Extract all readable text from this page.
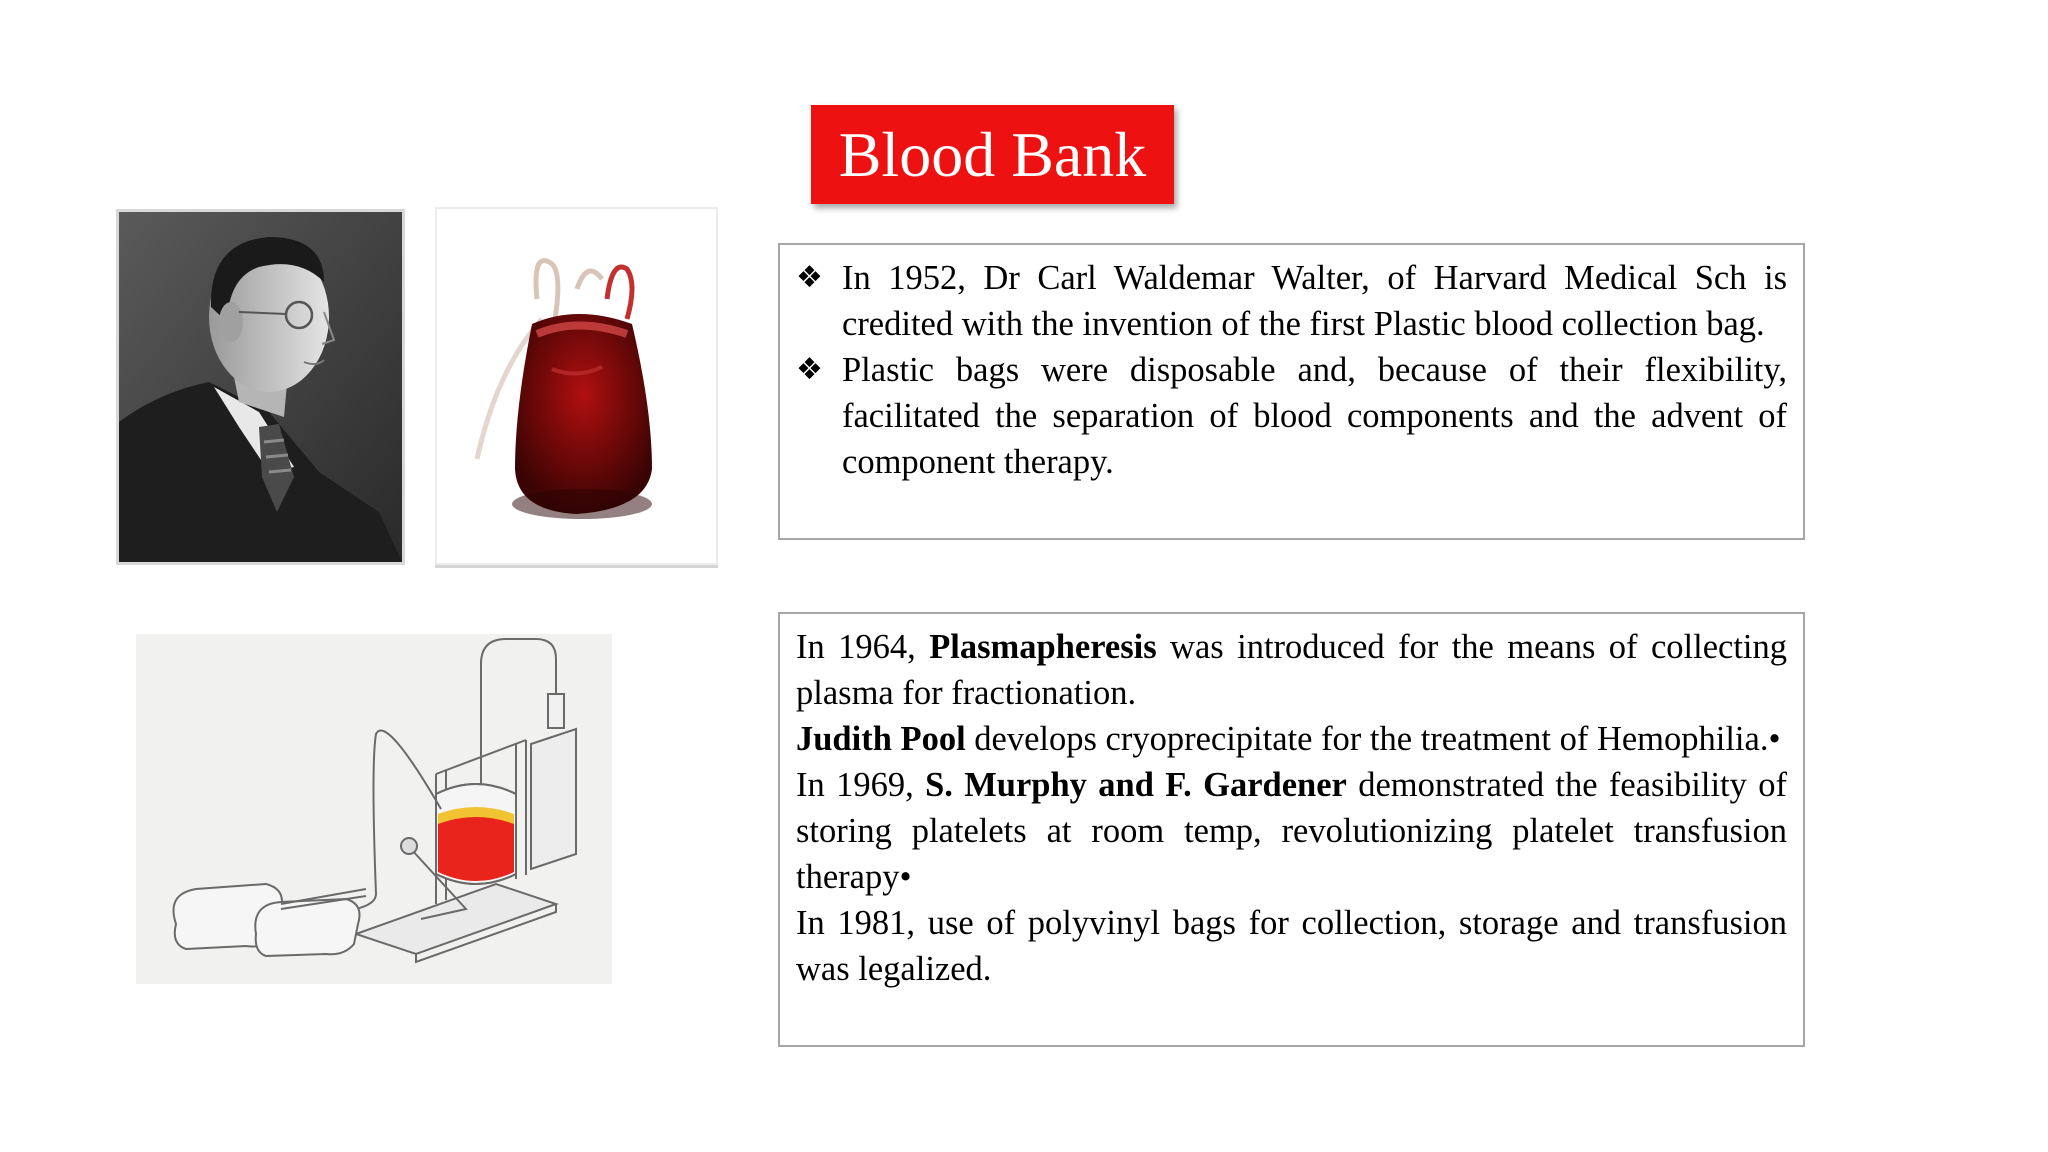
Blood Bank
❖ In 1952, Dr Carl Waldemar Walter, of Harvard Medical Sch is credited with the invention of the first Plastic blood collection bag.
❖ Plastic bags were disposable and, because of their flexibility, facilitated the separation of blood components and the advent of component therapy.

In 1964, Plasmapheresis was introduced for the means of collecting plasma for fractionation.

Judith Pool develops cryoprecipitate for the treatment of Hemophilia.•

In 1969, S. Murphy and F. Gardener demonstrated the feasibility of storing platelets at room temp, revolutionizing platelet transfusion therapy•

In 1981, use of polyvinyl bags for collection, storage and transfusion was legalized.
